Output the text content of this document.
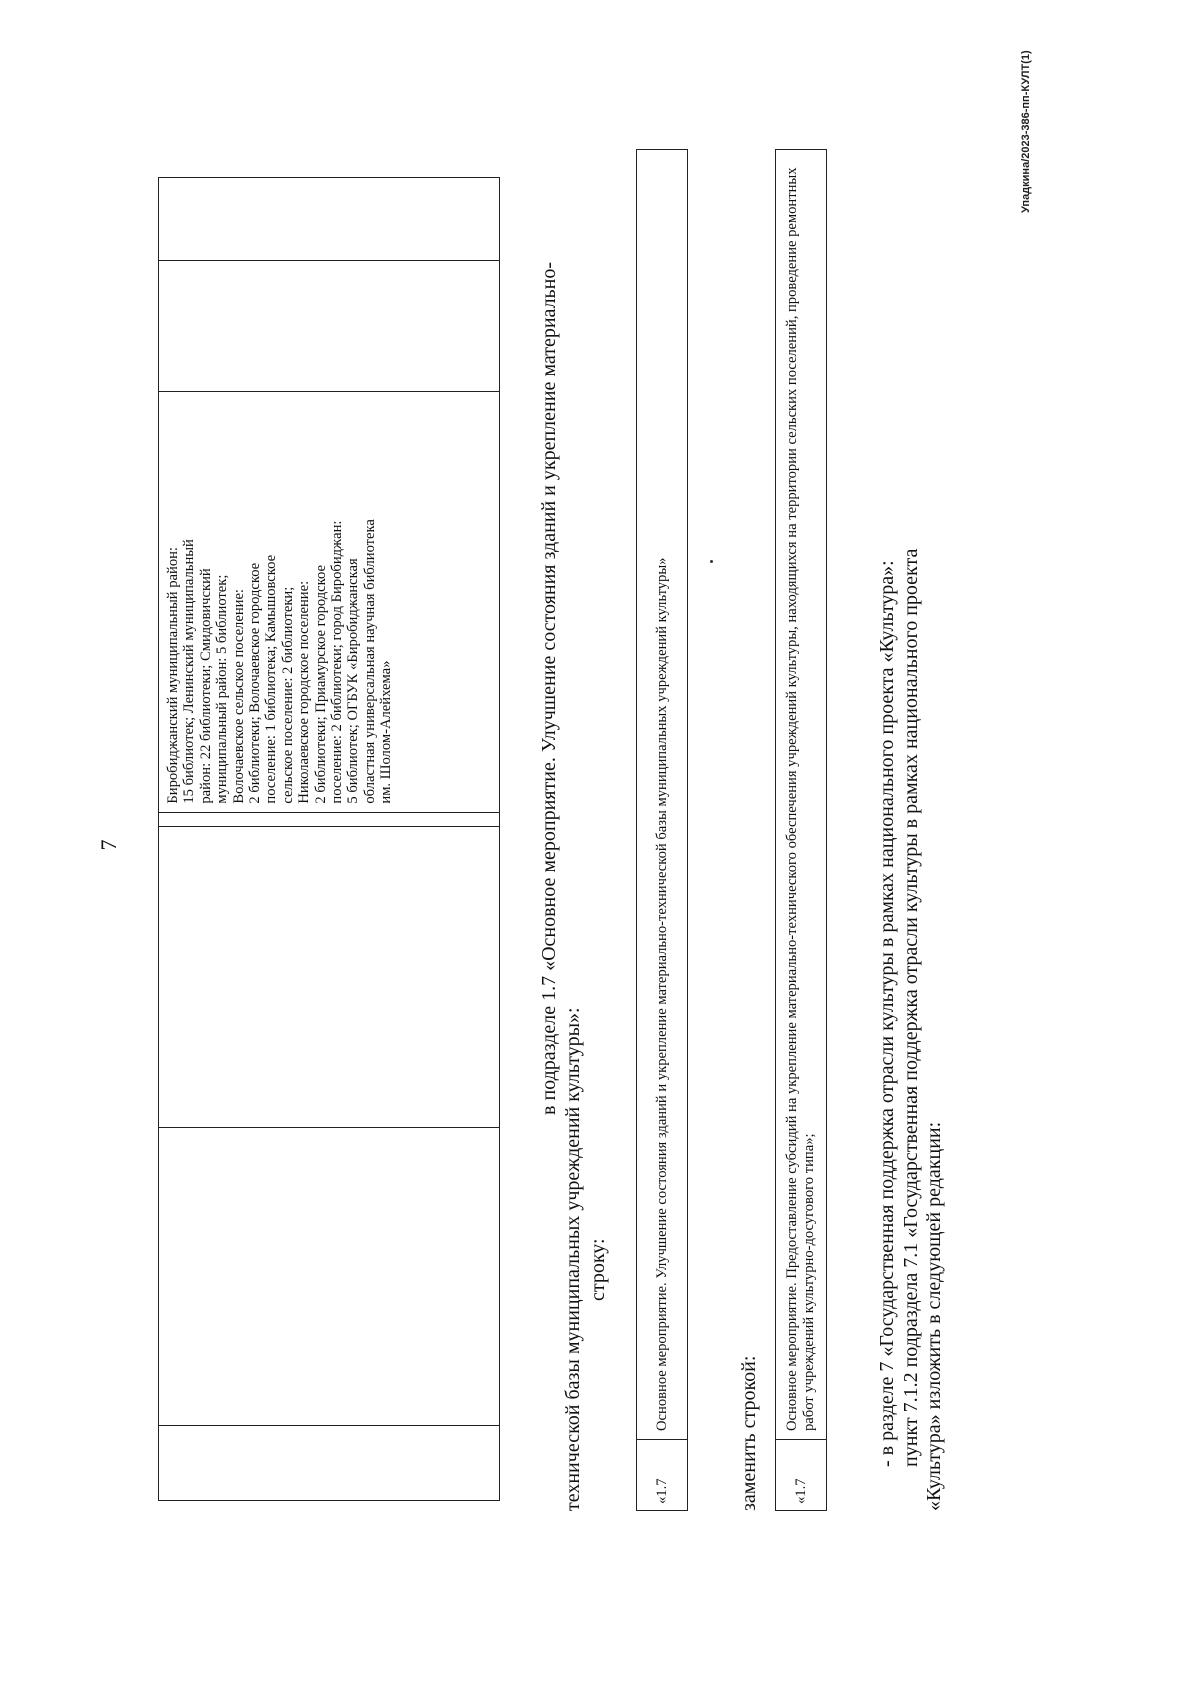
7

Биробиджанский муниципальный район: 15 библиотек; Ленинский муниципальный район: 22 библиотеки; Смидовичский муниципальный район: 5 библиотек; Волочаевское сельское поселение: 2 библиотеки; Волочаевское городское поселение: 1 библиотека; Камышовское сельское поселение: 2 библиотеки; Николаевское городское поселение: 2 библиотеки; Приамурское городское поселение: 2 библиотеки; город Биробиджан: 5 библиотек; ОГБУК «Биробиджанская областная универсальная научная библиотека им. Шолом-Алейхема»
			в подразделе 1.7 «Основное мероприятие. Улучшение состояния зданий и укрепление материально-
технической базы муниципальных учреждений культуры»: строку:
«1.7	Основное мероприятие. Улучшение состояния зданий и укрепление материально-технической базы муниципальных учреждений культуры»
заменить строкой: «1.7	Основное мероприятие. Предоставление субсидий на укрепление материально-технического обеспечения учреждений культуры, находящихся на территории сельских поселений, проведение ремонтных работ учреждений культурно-досугового типа»;	- в разделе 7 «Государственная поддержка отрасли культуры в рамках национального проекта «Культура»: пункт 7.1.2 подраздела 7.1 «Государственная поддержка отрасли культуры в рамках национального проекта «Культура» изложить в следующей редакции:
Упадкина/2023-386-пп-КУЛТ(1)
